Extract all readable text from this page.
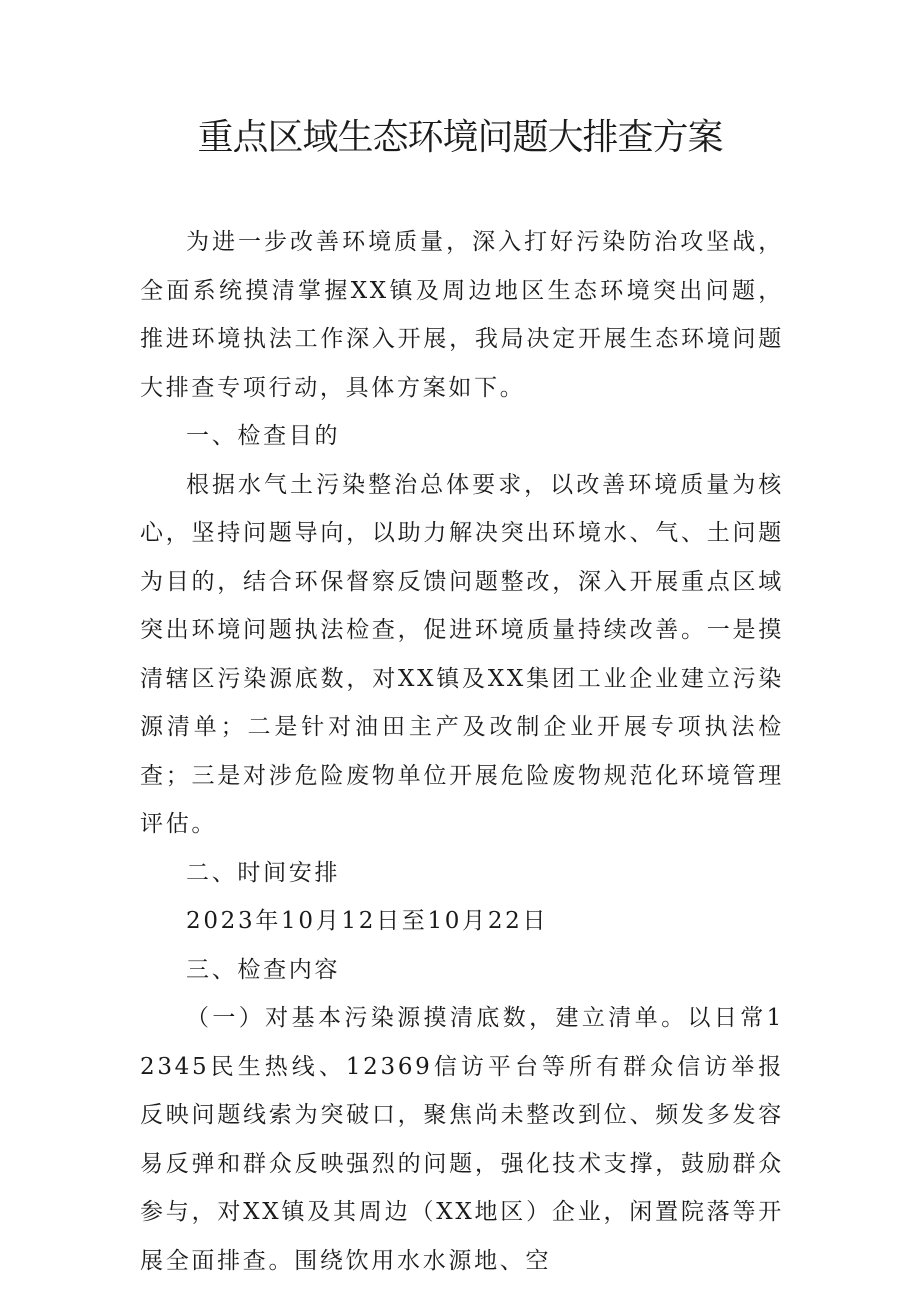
重点区域生态环境问题大排查方案

为进一步改善环境质量，深入打好污染防治攻坚战，全面系统摸清掌握XX镇及周边地区生态环境突出问题，推进环境执法工作深入开展，我局决定开展生态环境问题大排查专项行动，具体方案如下。

一、检查目的

根据水气土污染整治总体要求，以改善环境质量为核心，坚持问题导向，以助力解决突出环境水、气、土问题为目的，结合环保督察反馈问题整改，深入开展重点区域突出环境问题执法检查，促进环境质量持续改善。一是摸清辖区污染源底数，对XX镇及XX集团工业企业建立污染源清单；二是针对油田主产及改制企业开展专项执法检查；三是对涉危险废物单位开展危险废物规范化环境管理评估。

二、时间安排

2023年10月12日至10月22日

三、检查内容

（一）对基本污染源摸清底数，建立清单。以日常12345民生热线、12369信访平台等所有群众信访举报反映问题线索为突破口，聚焦尚未整改到位、频发多发容易反弹和群众反映强烈的问题，强化技术支撑，鼓励群众参与，对XX镇及其周边（XX地区）企业，闲置院落等开展全面排查。围绕饮用水水源地、空
